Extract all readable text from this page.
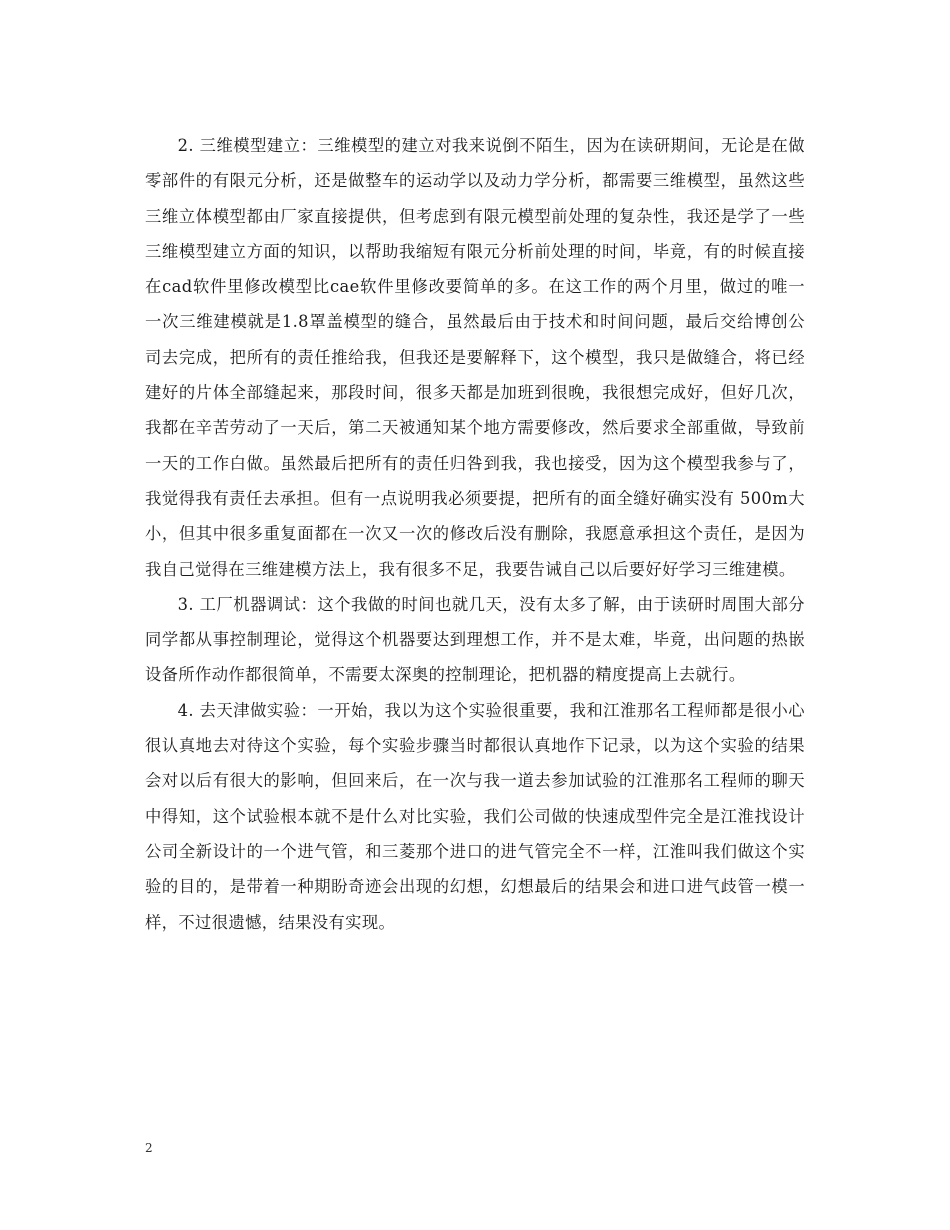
2. 三维模型建立：三维模型的建立对我来说倒不陌生，因为在读研期间，无论是在做零部件的有限元分析，还是做整车的运动学以及动力学分析，都需要三维模型，虽然这些三维立体模型都由厂家直接提供，但考虑到有限元模型前处理的复杂性，我还是学了一些三维模型建立方面的知识，以帮助我缩短有限元分析前处理的时间，毕竟，有的时候直接在cad软件里修改模型比cae软件里修改要简单的多。在这工作的两个月里，做过的唯一一次三维建模就是1.8罩盖模型的缝合，虽然最后由于技术和时间问题，最后交给博创公司去完成，把所有的责任推给我，但我还是要解释下，这个模型，我只是做缝合，将已经建好的片体全部缝起来，那段时间，很多天都是加班到很晚，我很想完成好，但好几次，我都在辛苦劳动了一天后，第二天被通知某个地方需要修改，然后要求全部重做，导致前一天的工作白做。虽然最后把所有的责任归咎到我，我也接受，因为这个模型我参与了，我觉得我有责任去承担。但有一点说明我必须要提，把所有的面全缝好确实没有 500m大小，但其中很多重复面都在一次又一次的修改后没有删除，我愿意承担这个责任，是因为我自己觉得在三维建模方法上，我有很多不足，我要告诫自己以后要好好学习三维建模。

3. 工厂机器调试：这个我做的时间也就几天，没有太多了解，由于读研时周围大部分同学都从事控制理论，觉得这个机器要达到理想工作，并不是太难，毕竟，出问题的热嵌设备所作动作都很简单，不需要太深奥的控制理论，把机器的精度提高上去就行。

4. 去天津做实验：一开始，我以为这个实验很重要，我和江淮那名工程师都是很小心很认真地去对待这个实验，每个实验步骤当时都很认真地作下记录，以为这个实验的结果会对以后有很大的影响，但回来后，在一次与我一道去参加试验的江淮那名工程师的聊天中得知，这个试验根本就不是什么对比实验，我们公司做的快速成型件完全是江淮找设计公司全新设计的一个进气管，和三菱那个进口的进气管完全不一样，江淮叫我们做这个实验的目的，是带着一种期盼奇迹会出现的幻想，幻想最后的结果会和进口进气歧管一模一样，不过很遗憾，结果没有实现。

2
